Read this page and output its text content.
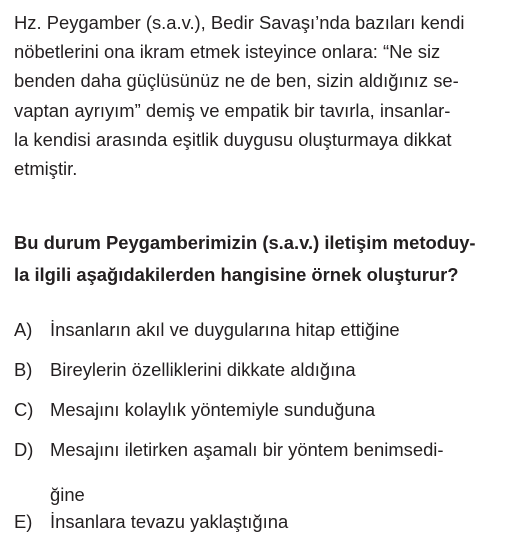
Hz. Peygamber (s.a.v.), Bedir Savaşı’nda bazıları kendi
nöbetlerini ona ikram etmek isteyince onlara: “Ne siz
benden daha güçlüsünüz ne de ben, sizin aldığınız se-
vaptan ayrıyım” demiş ve empatik bir tavırla, insanlar-
la kendisi arasında eşitlik duygusu oluşturmaya dikkat
etmiştir.

Bu durum Peygamberimizin (s.a.v.) iletişim metoduy-
la ilgili aşağıdakilerden hangisine örnek oluşturur?

A) İnsanların akıl ve duygularına hitap ettiğine
B) Bireylerin özelliklerini dikkate aldığına
C) Mesajını kolaylık yöntemiyle sunduğuna
D) Mesajını iletirken aşamalı bir yöntem benimsedi-
ğine
E) İnsanlara tevazu yaklaştığına
